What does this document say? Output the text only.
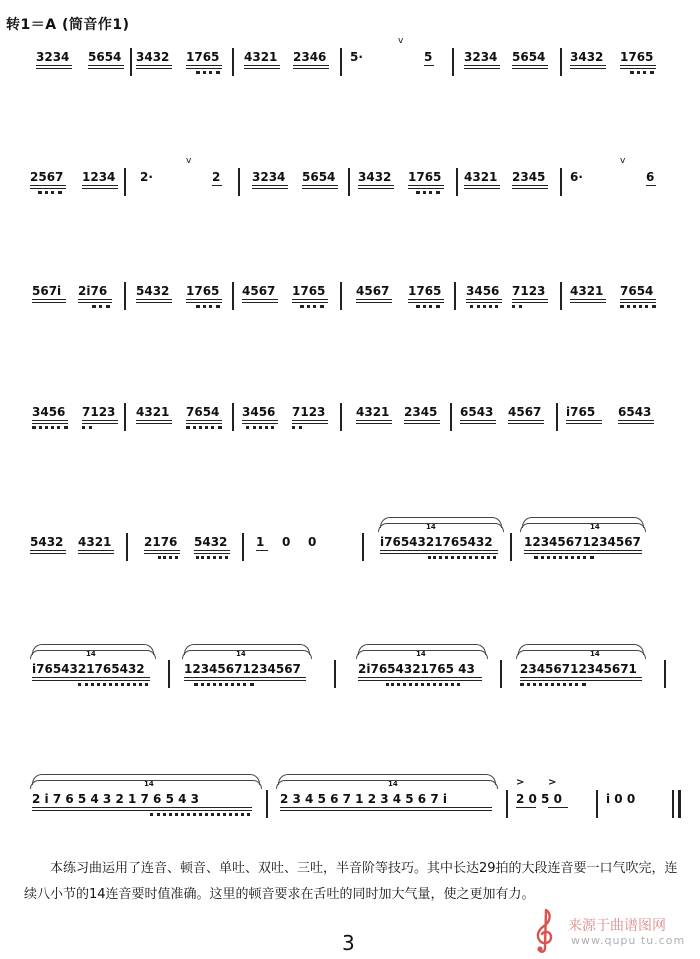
转1＝A (筒音作1)
3234 5654 3432 1765 4321 2346 5·
v
5	3234 5654 3432 1765
2567 1234 2·
v
2	3234 5654 3432 1765 4321 2345 6·
v
6
567i 2i76 5432 1765 4567 1765	4567 1765 3456 7123 4321 7654
3456 7123 4321 7654 3456 7123	4321 2345 6543 4567 i765 6543
5432 4321	2176 5432 1 0 0
14
i7654321765432
14
12345671234567
14
i7654321765432
14
12345671234567
14
2i7654321765 43
14
23456712345671
14
2 i 7 6 5 4 3 2 1 7 6 5 4 3
14
2 3 4 5 6 7 1 2 3 4 5 6 7 i
> >
2 0 5 0	i 0 0
本练习曲运用了连音、顿音、单吐、双吐、三吐，半音阶等技巧。其中长达29拍的大段连音要一口气吹完，连续八小节的14连音要时值准确。这里的顿音要求在舌吐的同时加大气量，使之更加有力。
3
来源于曲谱图网
www.qupu tu.com
